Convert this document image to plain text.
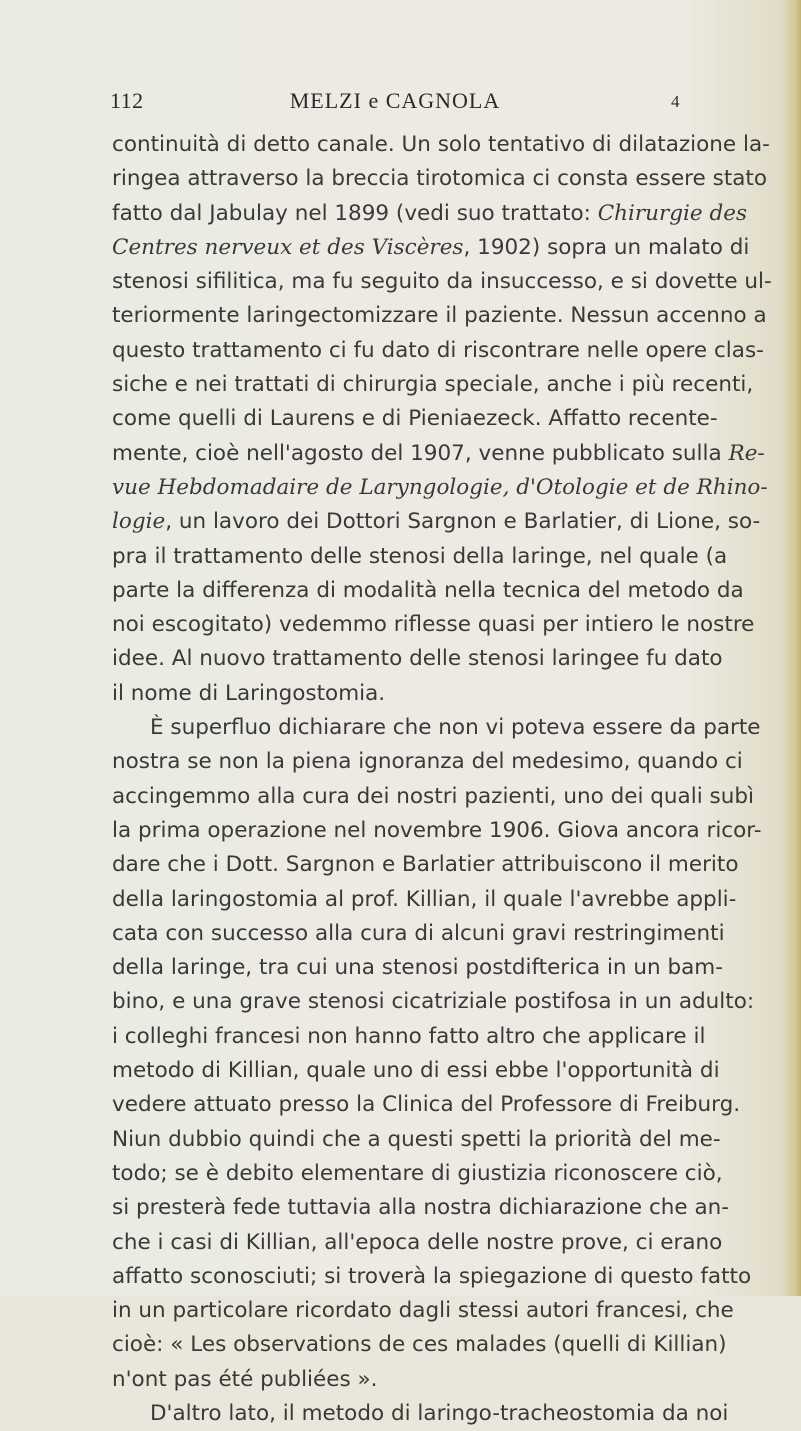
112	MELZI e CAGNOLA	4
continuità di detto canale. Un solo tentativo di dilatazione la-
ringea attraverso la breccia tirotomica ci consta essere stato
fatto dal Jabulay nel 1899 (vedi suo trattato: Chirurgie des
Centres nerveux et des Viscères, 1902) sopra un malato di
stenosi sifilitica, ma fu seguito da insuccesso, e si dovette ul-
teriormente laringectomizzare il paziente. Nessun accenno a
questo trattamento ci fu dato di riscontrare nelle opere clas-
siche e nei trattati di chirurgia speciale, anche i più recenti,
come quelli di Laurens e di Pieniaezeck. Affatto recente-
mente, cioè nell'agosto del 1907, venne pubblicato sulla Re-
vue Hebdomadaire de Laryngologie, d'Otologie et de Rhino-
logie, un lavoro dei Dottori Sargnon e Barlatier, di Lione, so-
pra il trattamento delle stenosi della laringe, nel quale (a
parte la differenza di modalità nella tecnica del metodo da
noi escogitato) vedemmo riflesse quasi per intiero le nostre
idee. Al nuovo trattamento delle stenosi laringee fu dato
il nome di Laringostomia.
È superfluo dichiarare che non vi poteva essere da parte
nostra se non la piena ignoranza del medesimo, quando ci
accingemmo alla cura dei nostri pazienti, uno dei quali subì
la prima operazione nel novembre 1906. Giova ancora ricor-
dare che i Dott. Sargnon e Barlatier attribuiscono il merito
della laringostomia al prof. Killian, il quale l'avrebbe appli-
cata con successo alla cura di alcuni gravi restringimenti
della laringe, tra cui una stenosi postdifterica in un bam-
bino, e una grave stenosi cicatriziale postifosa in un adulto:
i colleghi francesi non hanno fatto altro che applicare il
metodo di Killian, quale uno di essi ebbe l'opportunità di
vedere attuato presso la Clinica del Professore di Freiburg.
Niun dubbio quindi che a questi spetti la priorità del me-
todo; se è debito elementare di giustizia riconoscere ciò,
si presterà fede tuttavia alla nostra dichiarazione che an-
che i casi di Killian, all'epoca delle nostre prove, ci erano
affatto sconosciuti; si troverà la spiegazione di questo fatto
in un particolare ricordato dagli stessi autori francesi, che
cioè: « Les observations de ces malades (quelli di Killian)
n'ont pas été publiées ».
D'altro lato, il metodo di laringo-tracheostomia da noi
